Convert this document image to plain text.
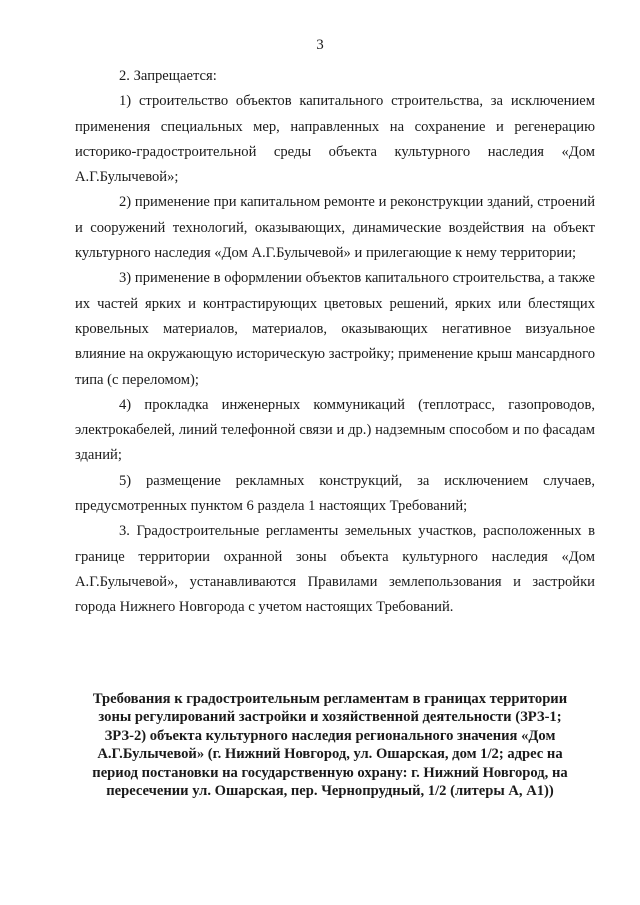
3

2. Запрещается:

1) строительство объектов капитального строительства, за исключением применения специальных мер, направленных на сохранение и регенерацию историко-градостроительной среды объекта культурного наследия «Дом А.Г.Булычевой»;

2) применение при капитальном ремонте и реконструкции зданий, строений и сооружений технологий, оказывающих, динамические воздействия на объект культурного наследия «Дом А.Г.Булычевой» и прилегающие к нему территории;

3) применение в оформлении объектов капитального строительства, а также их частей ярких и контрастирующих цветовых решений, ярких или блестящих кровельных материалов, материалов, оказывающих негативное визуальное влияние на окружающую историческую застройку; применение крыш мансардного типа (с переломом);

4) прокладка инженерных коммуникаций (теплотрасс, газопроводов, электрокабелей, линий телефонной связи и др.) надземным способом и по фасадам зданий;

5) размещение рекламных конструкций, за исключением случаев, предусмотренных пунктом 6 раздела 1 настоящих Требований;

3. Градостроительные регламенты земельных участков, расположенных в границе территории охранной зоны объекта культурного наследия «Дом А.Г.Булычевой», устанавливаются Правилами землепользования и застройки города Нижнего Новгорода с учетом настоящих Требований.

Требования к градостроительным регламентам в границах территории зоны регулирований застройки и хозяйственной деятельности (ЗРЗ-1; ЗРЗ-2) объекта культурного наследия регионального значения «Дом А.Г.Булычевой» (г. Нижний Новгород, ул. Ошарская, дом 1/2; адрес на период постановки на государственную охрану: г. Нижний Новгород, на пересечении ул. Ошарская, пер. Чернопрудный, 1/2 (литеры А, А1))
